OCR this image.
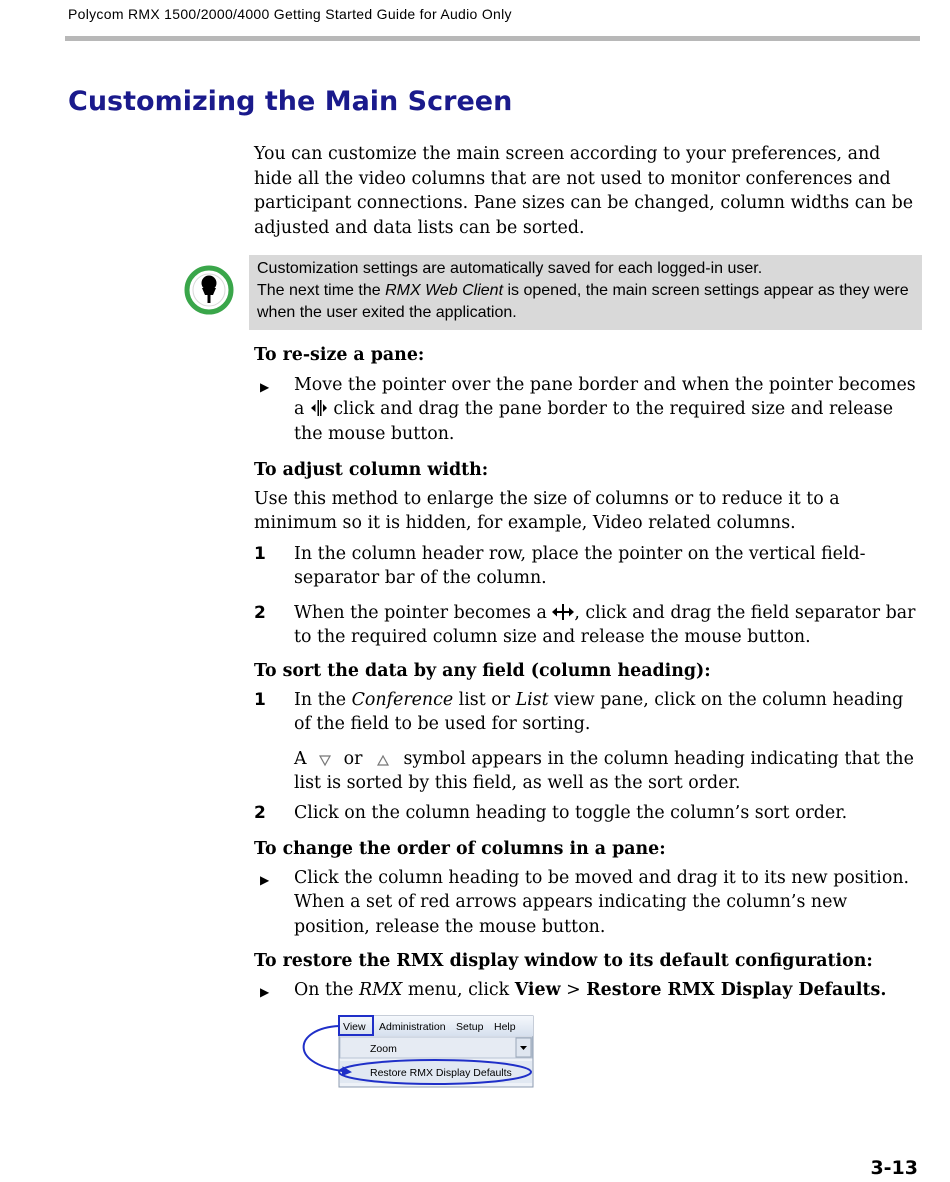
Polycom RMX 1500/2000/4000 Getting Started Guide for Audio Only
Customizing the Main Screen

You can customize the main screen according to your preferences, and hide all the video columns that are not used to monitor conferences and participant connections. Pane sizes can be changed, column widths can be adjusted and data lists can be sorted.

Customization settings are automatically saved for each logged-in user.
The next time the RMX Web Client is opened, the main screen settings appear as they were when the user exited the application.

To re-size a pane:

▶ Move the pointer over the pane border and when the pointer becomes a  click and drag the pane border to the required size and release the mouse button.

To adjust column width:

Use this method to enlarge the size of columns or to reduce it to a minimum so it is hidden, for example, Video related columns.

1 In the column header row, place the pointer on the vertical field-separator bar of the column.
2 When the pointer becomes a , click and drag the field separator bar to the required column size and release the mouse button.

To sort the data by any field (column heading):

1 In the Conference list or List view pane, click on the column heading of the field to be used for sorting.
A  or  symbol appears in the column heading indicating that the list is sorted by this field, as well as the sort order.
2 Click on the column heading to toggle the column’s sort order.

To change the order of columns in a pane:

▶ Click the column heading to be moved and drag it to its new position. When a set of red arrows appears indicating the column’s new position, release the mouse button.

To restore the RMX display window to its default configuration:

▶ On the RMX menu, click View > Restore RMX Display Defaults.
View Administration Setup Help
Zoom
Restore RMX Display Defaults
3-13
